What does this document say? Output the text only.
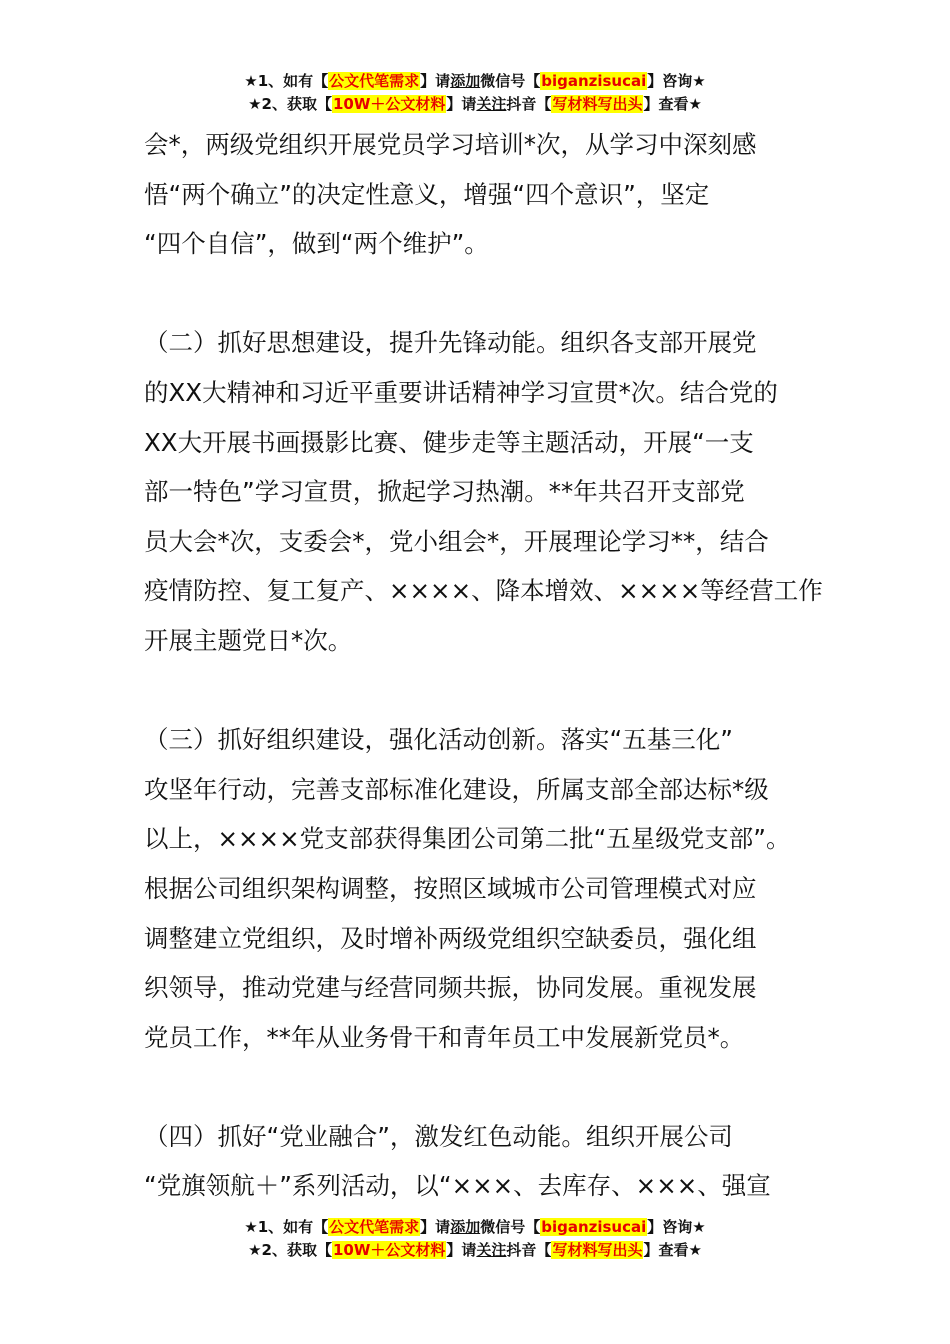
★1、如有【公文代笔需求】请添加微信号【biganzisucai】咨询★
★2、获取【10W＋公文材料】请关注抖音【写材料写出头】查看★

会*，两级党组织开展党员学习培训*次，从学习中深刻感
悟“两个确立”的决定性意义，增强“四个意识”，坚定
“四个自信”，做到“两个维护”。

（二）抓好思想建设，提升先锋动能。组织各支部开展党
的XX大精神和习近平重要讲话精神学习宣贯*次。结合党的
XX大开展书画摄影比赛、健步走等主题活动，开展“一支
部一特色”学习宣贯，掀起学习热潮。**年共召开支部党
员大会*次，支委会*，党小组会*，开展理论学习**，结合
疫情防控、复工复产、××××、降本增效、××××等经营工作
开展主题党日*次。

（三）抓好组织建设，强化活动创新。落实“五基三化”
攻坚年行动，完善支部标准化建设，所属支部全部达标*级
以上，××××党支部获得集团公司第二批“五星级党支部”。
根据公司组织架构调整，按照区域城市公司管理模式对应
调整建立党组织，及时增补两级党组织空缺委员，强化组
织领导，推动党建与经营同频共振，协同发展。重视发展
党员工作，**年从业务骨干和青年员工中发展新党员*。

（四）抓好“党业融合”，激发红色动能。组织开展公司
“党旗领航＋”系列活动，以“×××、去库存、×××、强宣

★1、如有【公文代笔需求】请添加微信号【biganzisucai】咨询★
★2、获取【10W＋公文材料】请关注抖音【写材料写出头】查看★
